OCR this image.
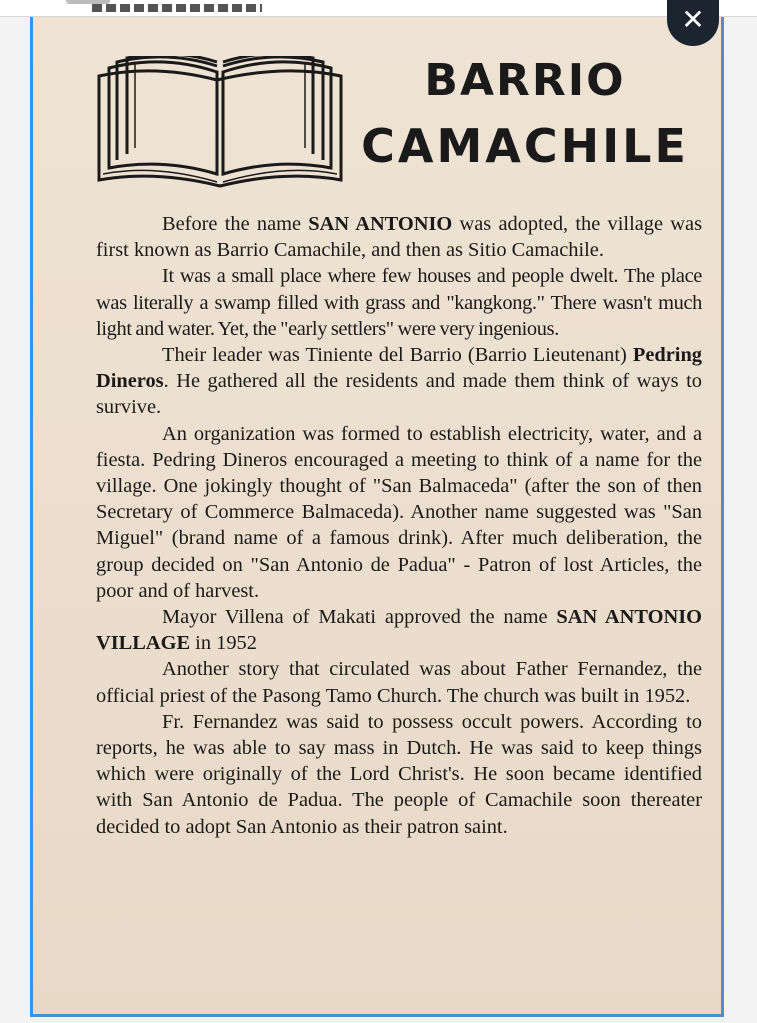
✕
BARRIO
CAMACHILE

Before the name SAN ANTONIO was adopted, the village was first known as Barrio Camachile, and then as Sitio Camachile.

It was a small place where few houses and people dwelt. The place was literally a swamp filled with grass and "kangkong." There wasn't much light and water. Yet, the "early settlers" were very ingenious.

Their leader was Tiniente del Barrio (Barrio Lieutenant) Pedring Dineros. He gathered all the residents and made them think of ways to survive.

An organization was formed to establish electricity, water, and a fiesta. Pedring Dineros encouraged a meeting to think of a name for the village. One jokingly thought of "San Balmaceda" (after the son of then Secretary of Commerce Balmaceda). Another name suggested was "San Miguel" (brand name of a famous drink). After much deliberation, the group decided on "San Antonio de Padua" - Patron of lost Articles, the poor and of harvest.

Mayor Villena of Makati approved the name SAN ANTONIO VILLAGE in 1952

Another story that circulated was about Father Fernandez, the official priest of the Pasong Tamo Church. The church was built in 1952.

Fr. Fernandez was said to possess occult powers. According to reports, he was able to say mass in Dutch. He was said to keep things which were originally of the Lord Christ's. He soon became identified with San Antonio de Padua. The people of Camachile soon thereater decided to adopt San Antonio as their patron saint.
